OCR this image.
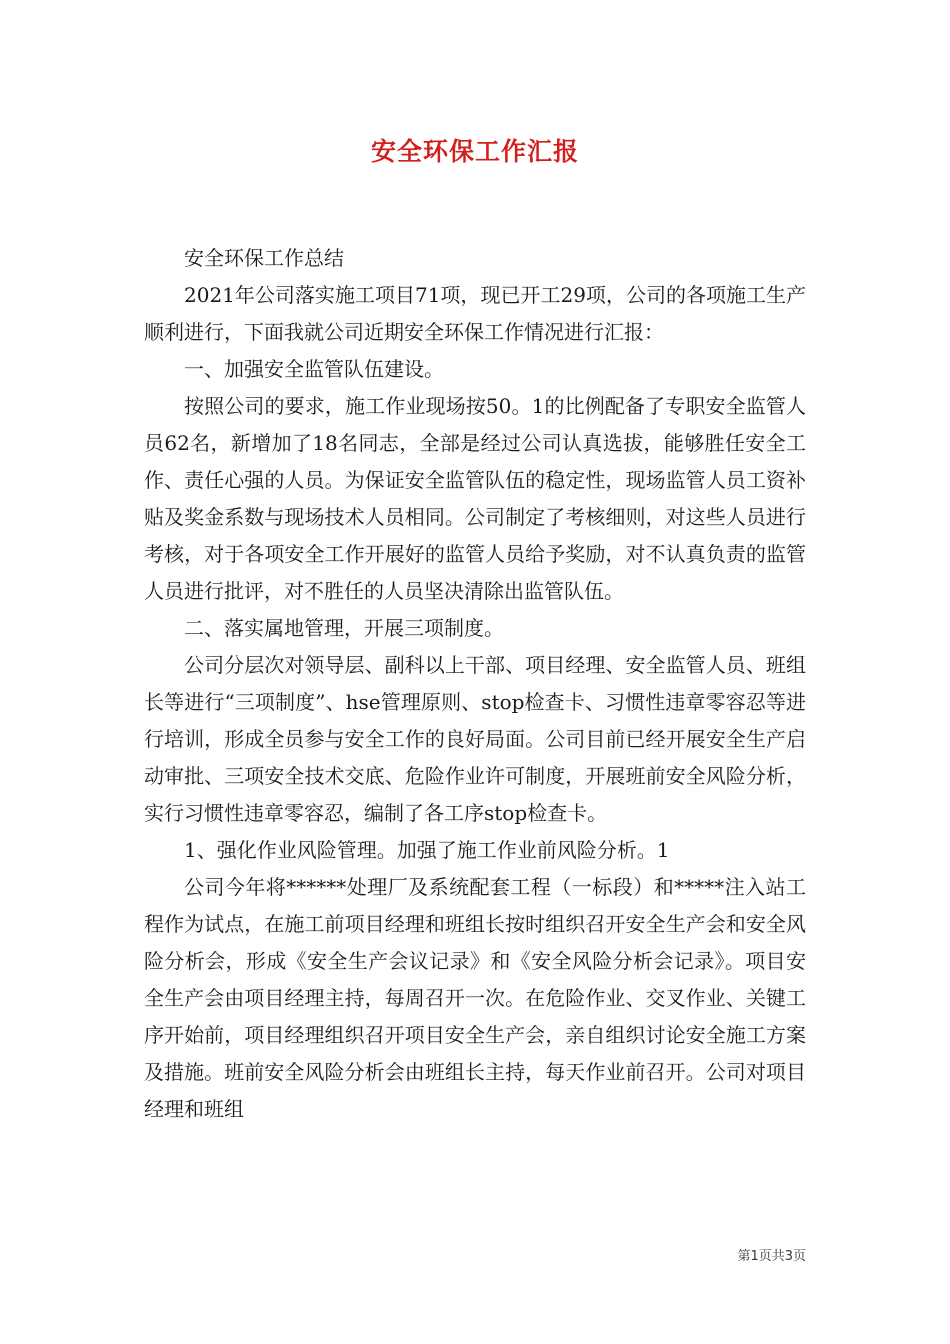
安全环保工作汇报

安全环保工作总结

2021年公司落实施工项目71项，现已开工29项，公司的各项施工生产顺利进行，下面我就公司近期安全环保工作情况进行汇报：

一、加强安全监管队伍建设。

按照公司的要求，施工作业现场按50。1的比例配备了专职安全监管人员62名，新增加了18名同志，全部是经过公司认真选拔，能够胜任安全工作、责任心强的人员。为保证安全监管队伍的稳定性，现场监管人员工资补贴及奖金系数与现场技术人员相同。公司制定了考核细则，对这些人员进行考核，对于各项安全工作开展好的监管人员给予奖励，对不认真负责的监管人员进行批评，对不胜任的人员坚决清除出监管队伍。

二、落实属地管理，开展三项制度。

公司分层次对领导层、副科以上干部、项目经理、安全监管人员、班组长等进行“三项制度”、hse管理原则、stop检查卡、习惯性违章零容忍等进行培训，形成全员参与安全工作的良好局面。公司目前已经开展安全生产启动审批、三项安全技术交底、危险作业许可制度，开展班前安全风险分析，实行习惯性违章零容忍，编制了各工序stop检查卡。

1、强化作业风险管理。加强了施工作业前风险分析。1

公司今年将******处理厂及系统配套工程（一标段）和*****注入站工程作为试点，在施工前项目经理和班组长按时组织召开安全生产会和安全风险分析会，形成《安全生产会议记录》和《安全风险分析会记录》。项目安全生产会由项目经理主持，每周召开一次。在危险作业、交叉作业、关键工序开始前，项目经理组织召开项目安全生产会，亲自组织讨论安全施工方案及措施。班前安全风险分析会由班组长主持，每天作业前召开。公司对项目经理和班组

第1页共3页
